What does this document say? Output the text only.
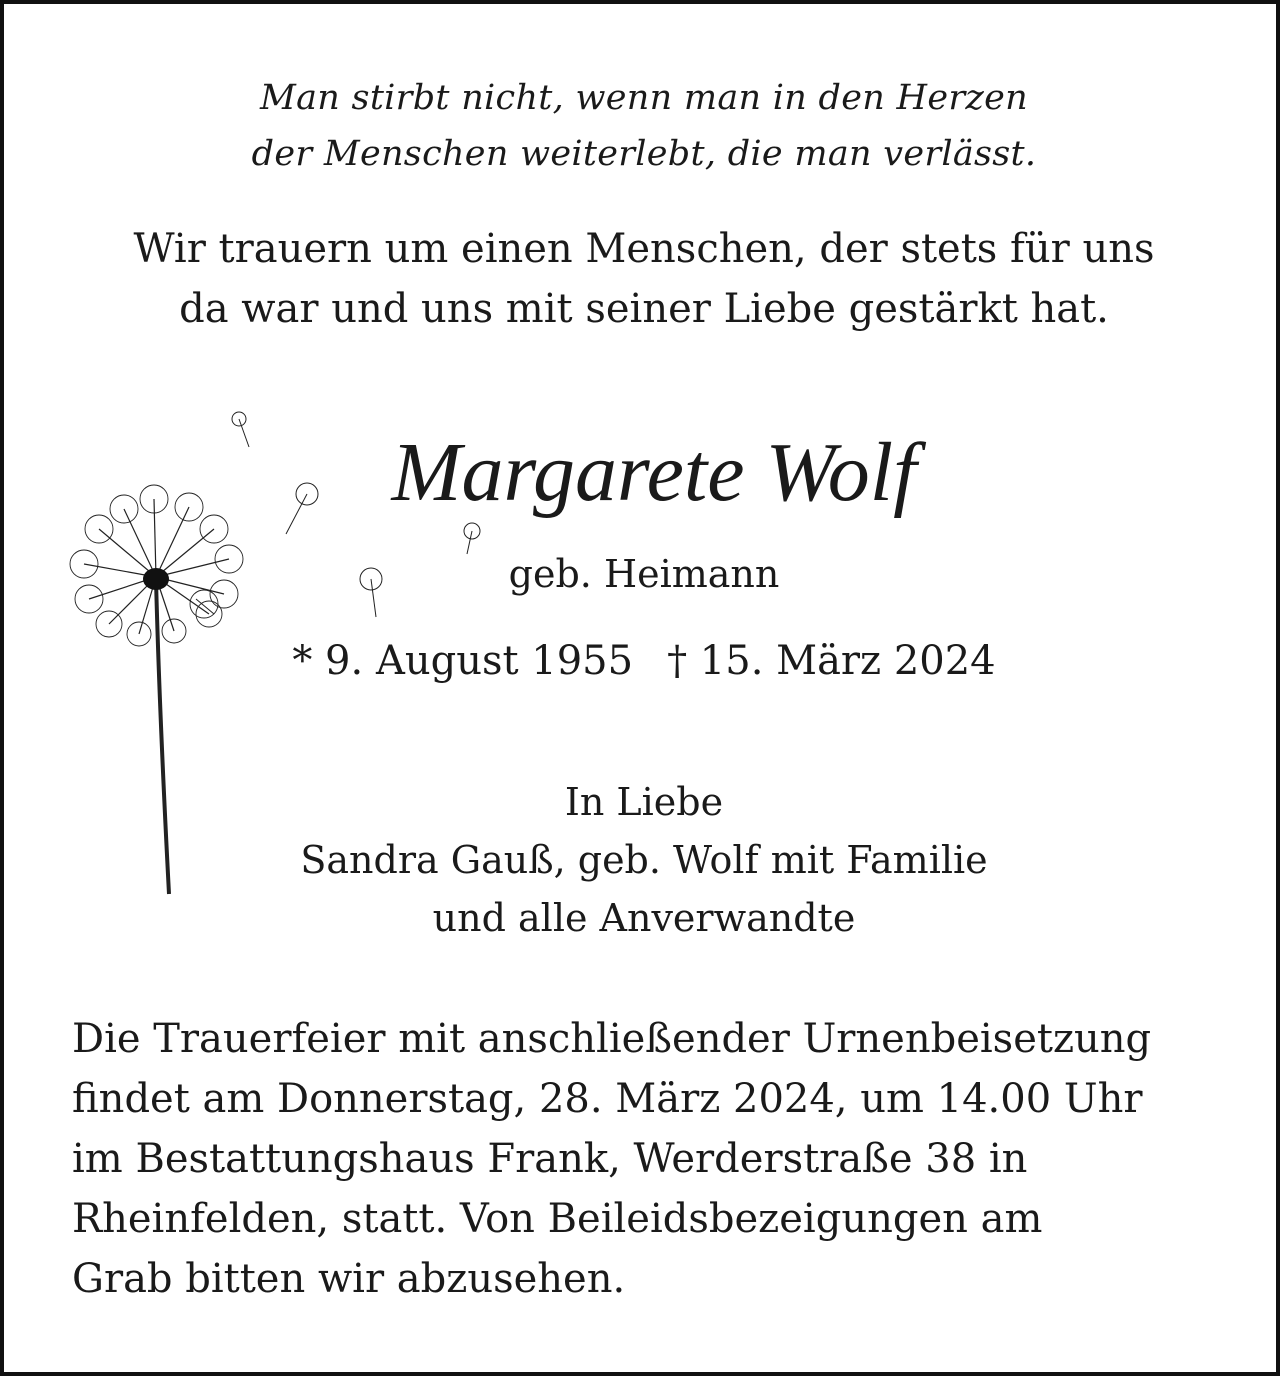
Man stirbt nicht, wenn man in den Herzen
der Menschen weiterlebt, die man verlässt.
Wir trauern um einen Menschen, der stets für uns
da war und uns mit seiner Liebe gestärkt hat.
Margarete Wolf
geb. Heimann
* 9. August 1955 † 15. März 2024
In Liebe
Sandra Gauß, geb. Wolf mit Familie
und alle Anverwandte
Die Trauerfeier mit anschließender Urnenbeisetzung
findet am Donnerstag, 28. März 2024, um 14.00 Uhr
im Bestattungshaus Frank, Werderstraße 38 in
Rheinfelden, statt. Von Beileidsbezeigungen am
Grab bitten wir abzusehen.
